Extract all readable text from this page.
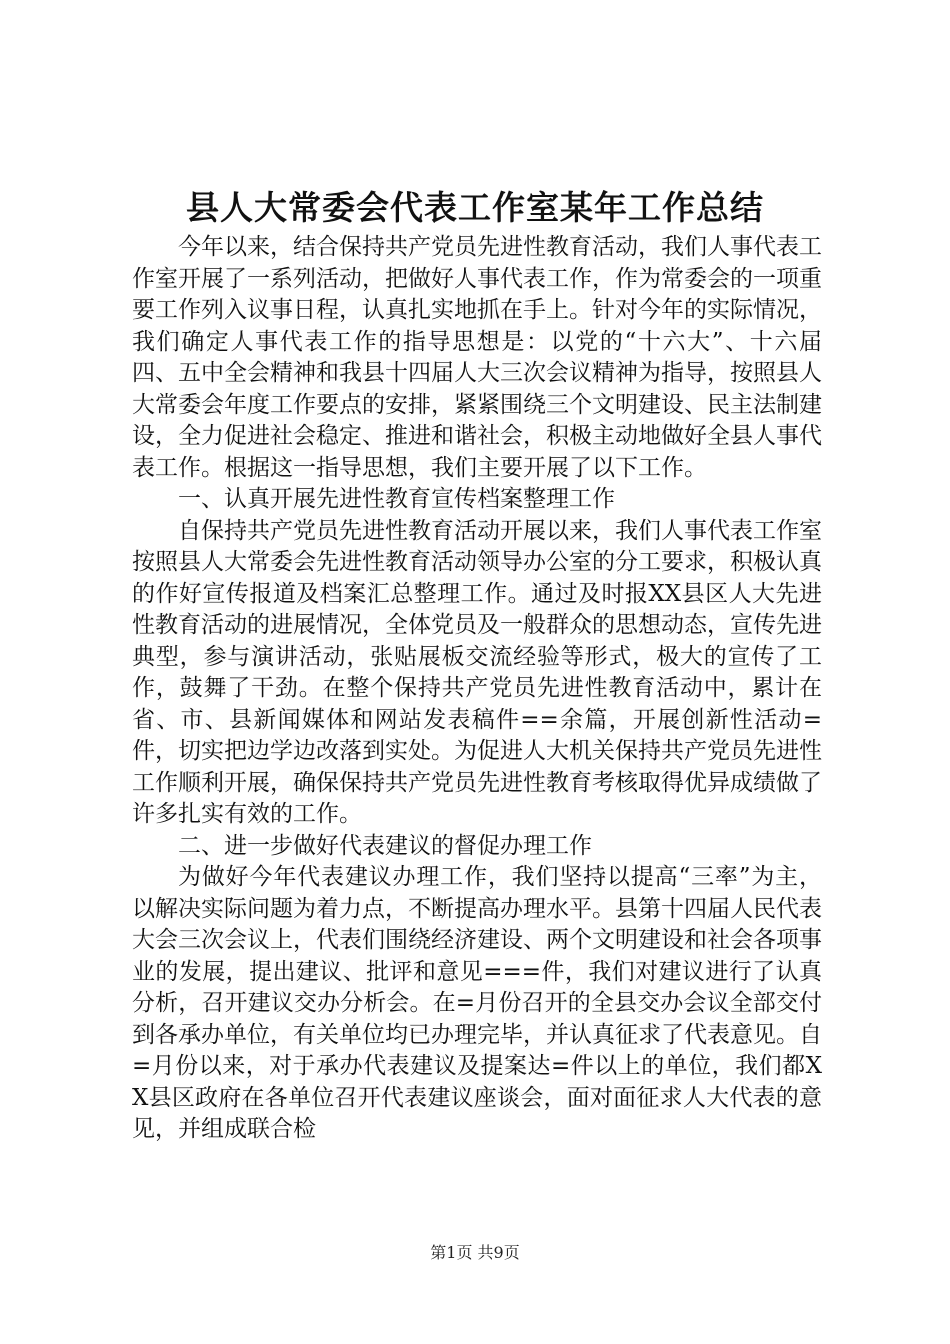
县人大常委会代表工作室某年工作总结

今年以来，结合保持共产党员先进性教育活动，我们人事代表工作室开展了一系列活动，把做好人事代表工作，作为常委会的一项重要工作列入议事日程，认真扎实地抓在手上。针对今年的实际情况，我们确定人事代表工作的指导思想是：以党的“十六大”、十六届四、五中全会精神和我县十四届人大三次会议精神为指导，按照县人大常委会年度工作要点的安排，紧紧围绕三个文明建设、民主法制建设，全力促进社会稳定、推进和谐社会，积极主动地做好全县人事代表工作。根据这一指导思想，我们主要开展了以下工作。

一、认真开展先进性教育宣传档案整理工作

自保持共产党员先进性教育活动开展以来，我们人事代表工作室按照县人大常委会先进性教育活动领导办公室的分工要求，积极认真的作好宣传报道及档案汇总整理工作。通过及时报XX县区人大先进性教育活动的进展情况，全体党员及一般群众的思想动态，宣传先进典型，参与演讲活动，张贴展板交流经验等形式，极大的宣传了工作，鼓舞了干劲。在整个保持共产党员先进性教育活动中，累计在省、市、县新闻媒体和网站发表稿件==余篇，开展创新性活动=件，切实把边学边改落到实处。为促进人大机关保持共产党员先进性工作顺利开展，确保保持共产党员先进性教育考核取得优异成绩做了许多扎实有效的工作。

二、进一步做好代表建议的督促办理工作

为做好今年代表建议办理工作，我们坚持以提高“三率”为主，以解决实际问题为着力点，不断提高办理水平。县第十四届人民代表大会三次会议上，代表们围绕经济建设、两个文明建设和社会各项事业的发展，提出建议、批评和意见===件，我们对建议进行了认真分析，召开建议交办分析会。在=月份召开的全县交办会议全部交付到各承办单位，有关单位均已办理完毕，并认真征求了代表意见。自=月份以来，对于承办代表建议及提案达=件以上的单位，我们都XX县区政府在各单位召开代表建议座谈会，面对面征求人大代表的意见，并组成联合检

第1页 共9页
